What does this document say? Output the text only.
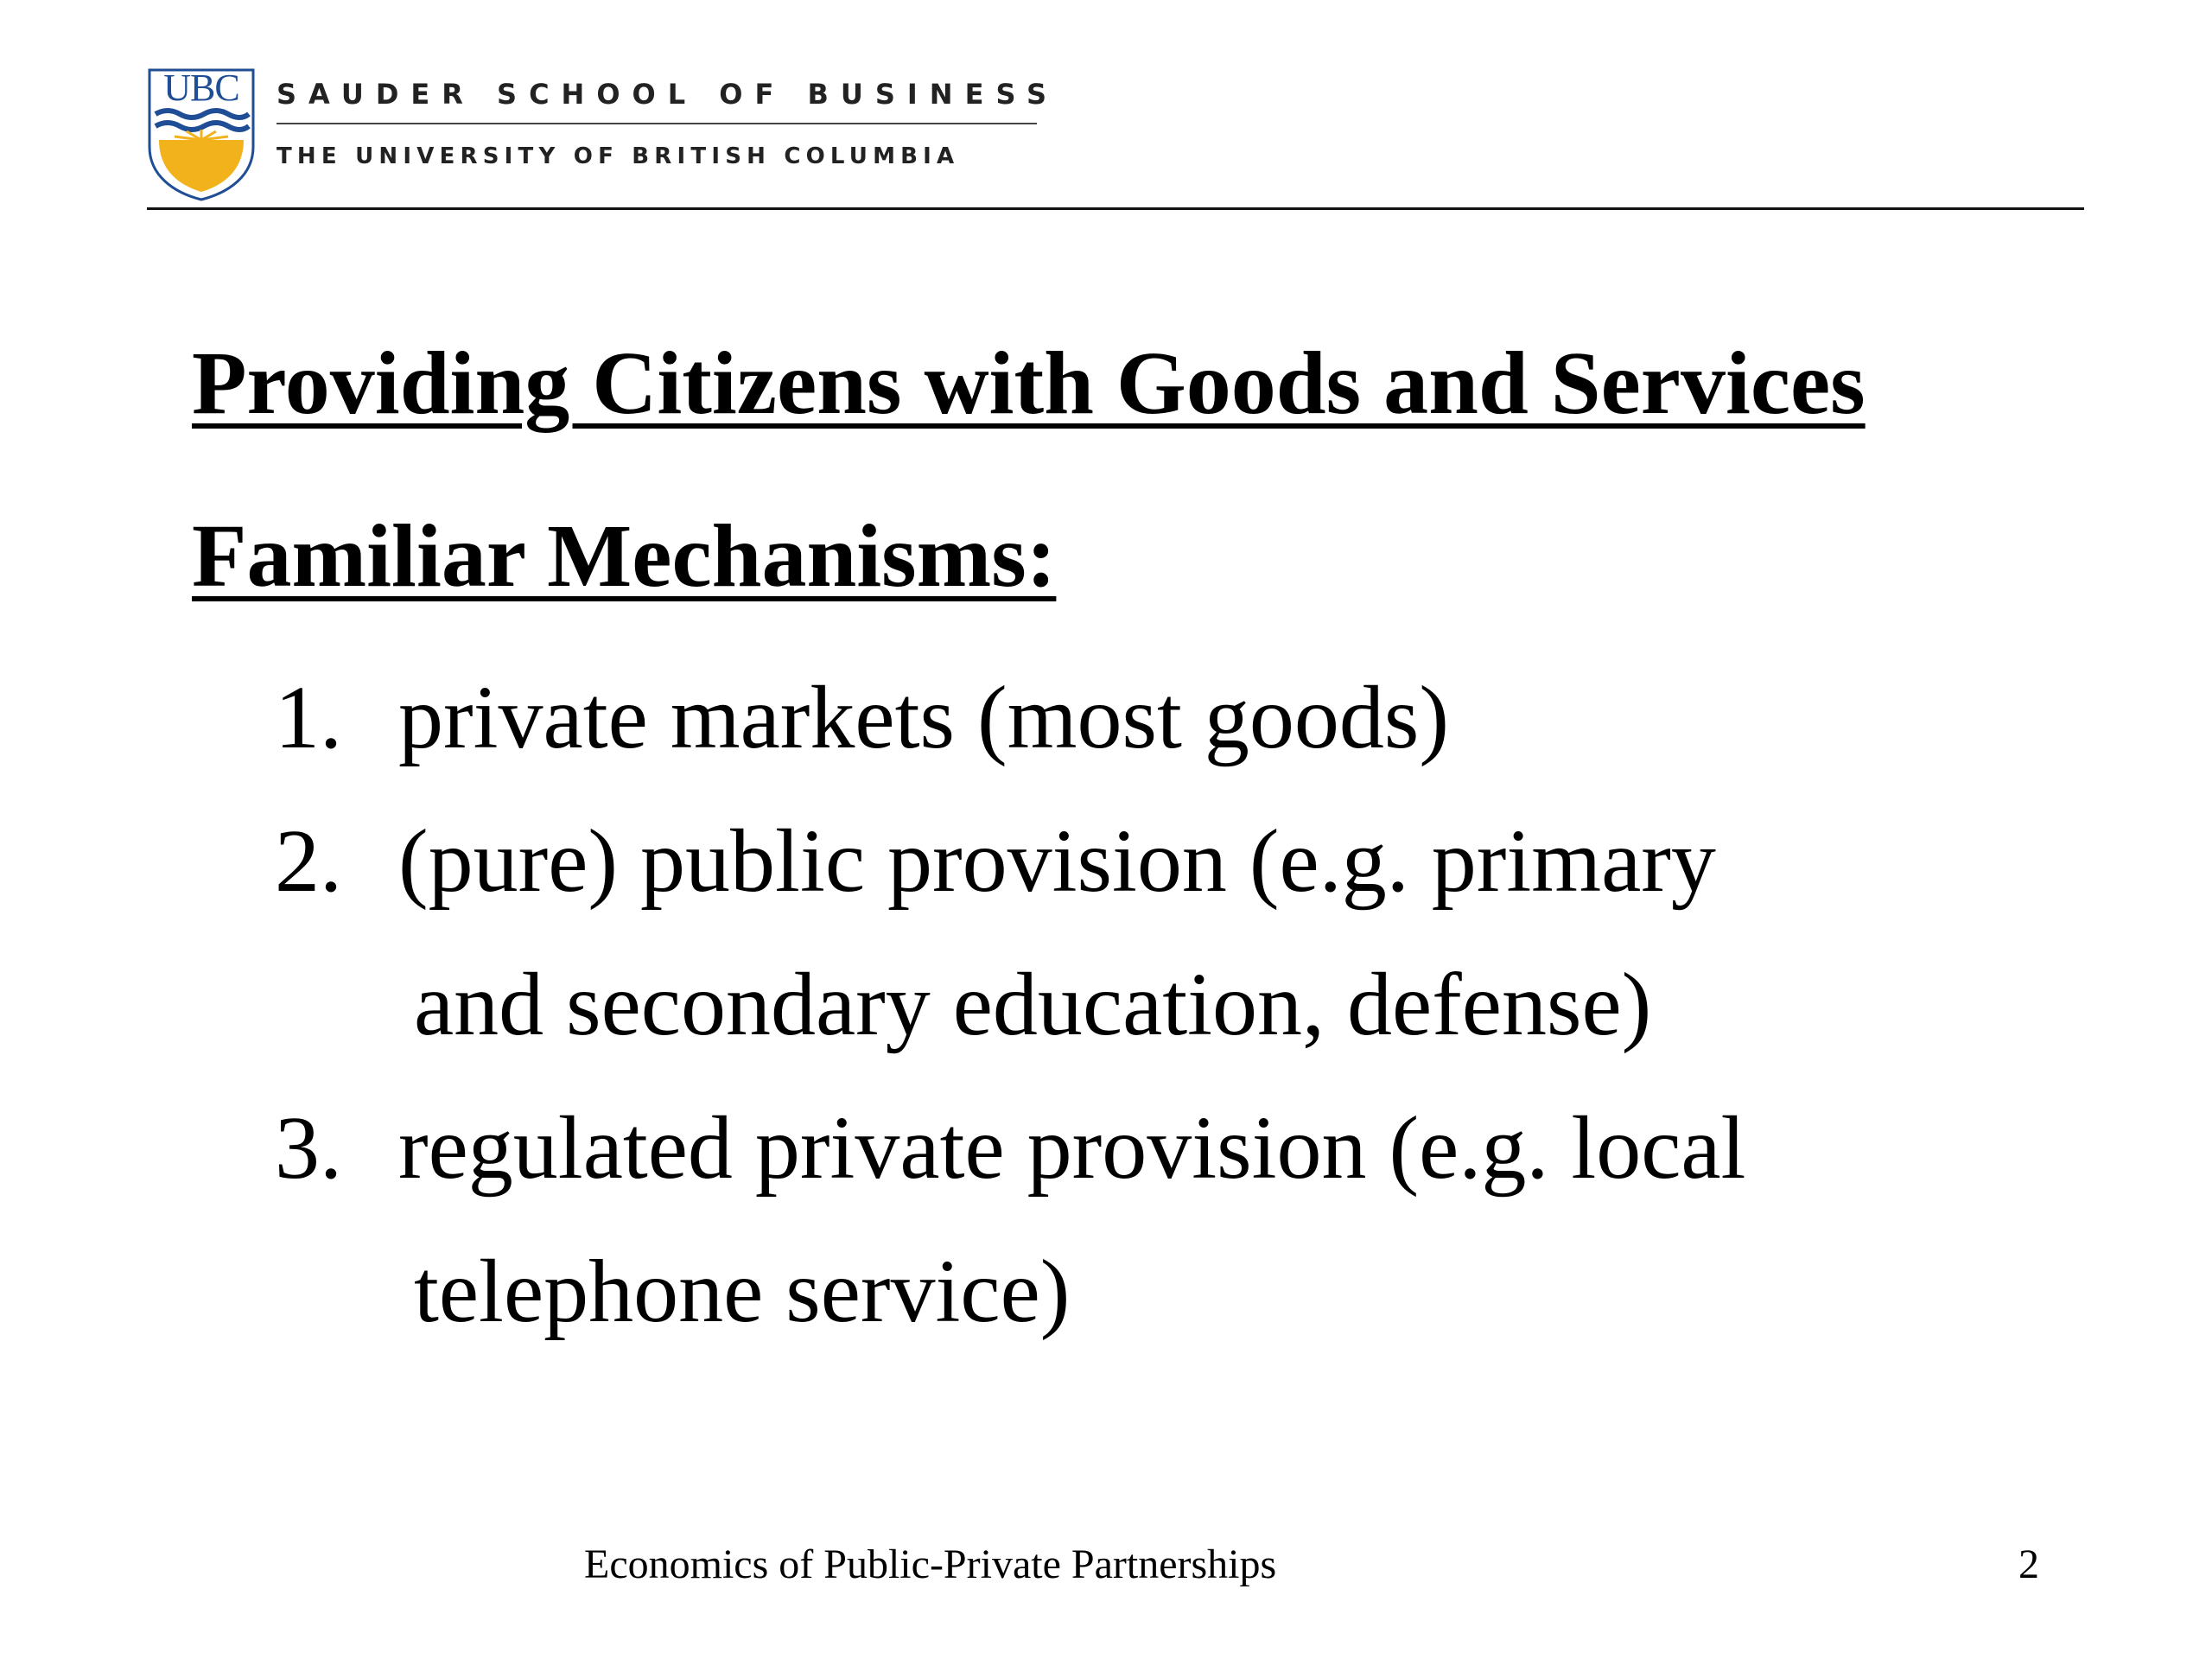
UBC	SAUDER SCHOOL OF BUSINESS
THE UNIVERSITY OF BRITISH COLUMBIA
Providing Citizens with Goods and Services
Familiar Mechanisms:
1. private markets (most goods)
2. (pure) public provision (e.g. primary
and secondary education, defense)
3. regulated private provision (e.g. local
telephone service)
Economics of Public-Private Partnerships	2
